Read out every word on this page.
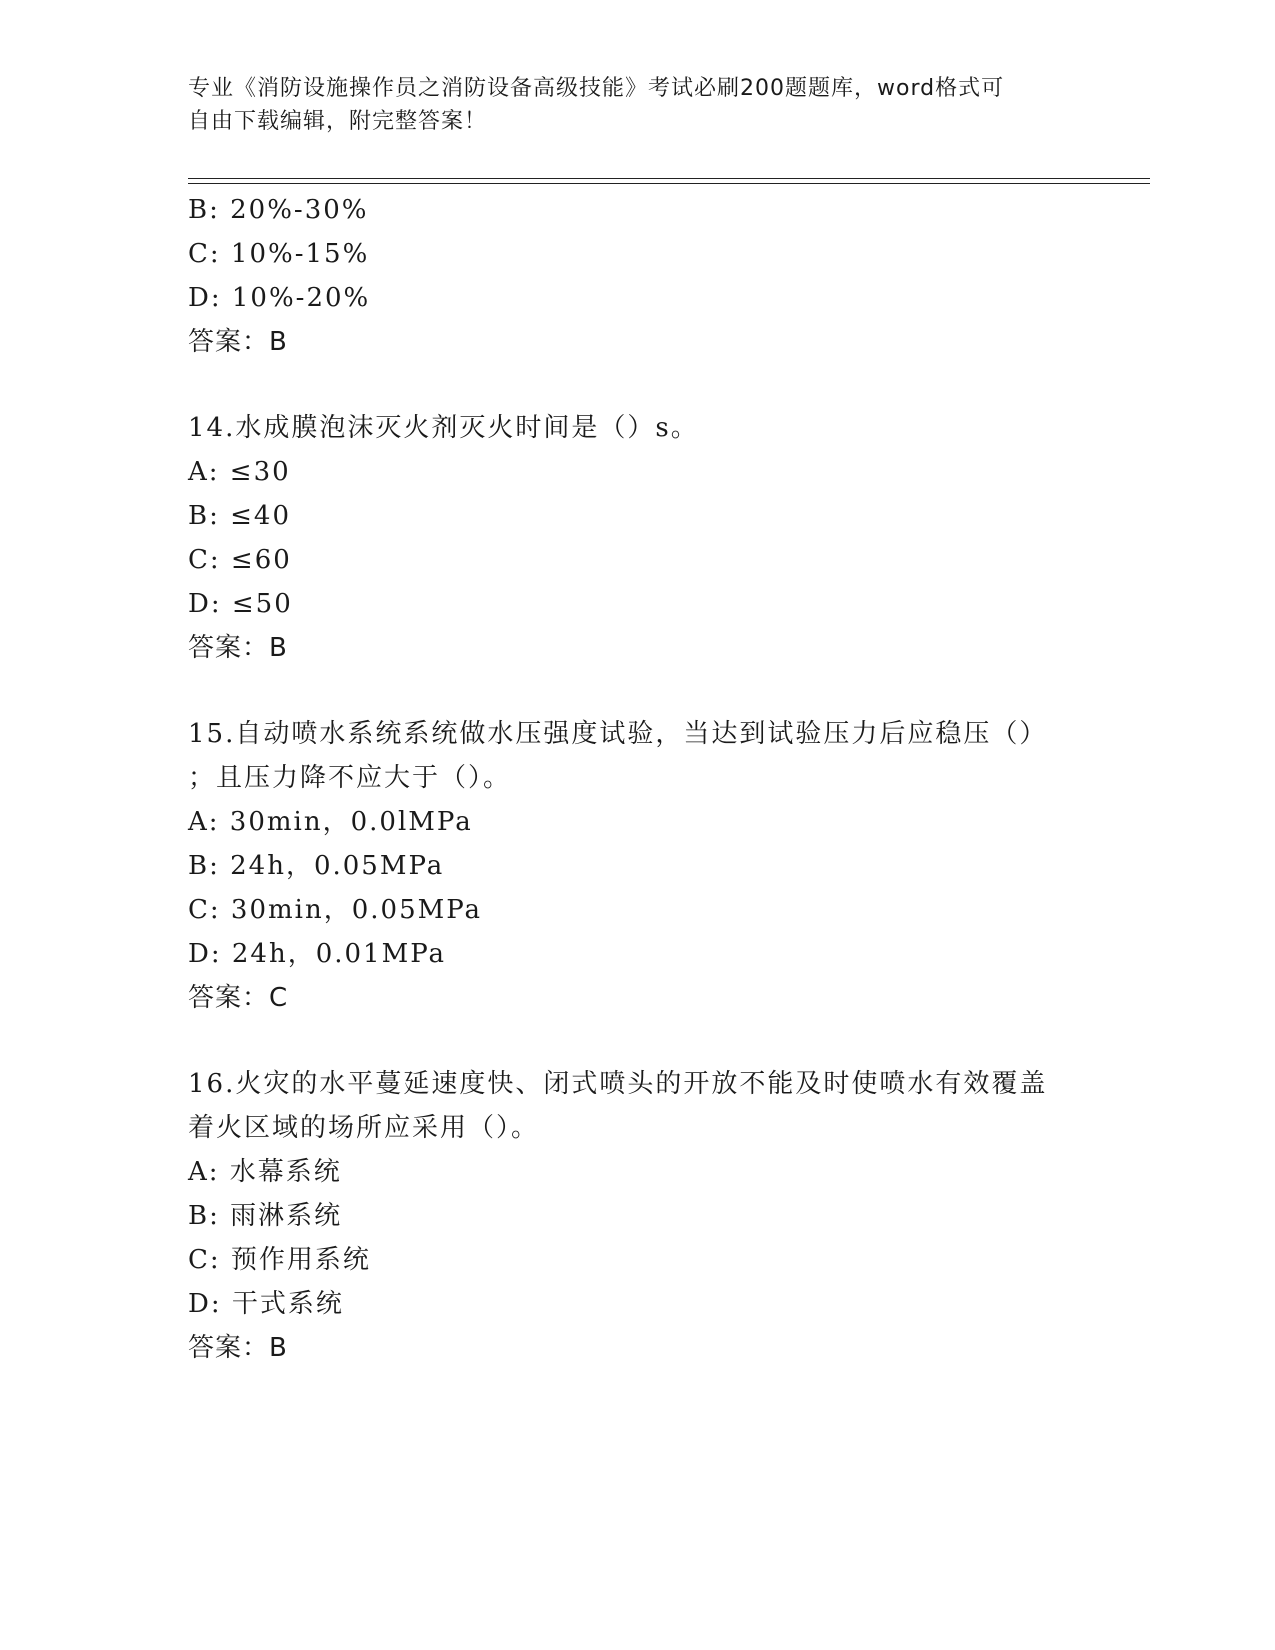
专业《消防设施操作员之消防设备高级技能》考试必刷200题题库，word格式可
自由下载编辑，附完整答案！
B: 20%-30%
C: 10%-15%
D: 10%-20%
答案：B
14.水成膜泡沫灭火剂灭火时间是（）s。
A: ≤30
B: ≤40
C: ≤60
D: ≤50
答案：B
15.自动喷水系统系统做水压强度试验，当达到试验压力后应稳压（）
；且压力降不应大于（）。
A: 30min，0.0lMPa
B: 24h，0.05MPa
C: 30min，0.05MPa
D: 24h，0.01MPa
答案：C
16.火灾的水平蔓延速度快、闭式喷头的开放不能及时使喷水有效覆盖
着火区域的场所应采用（）。
A: 水幕系统
B: 雨淋系统
C: 预作用系统
D: 干式系统
答案：B
